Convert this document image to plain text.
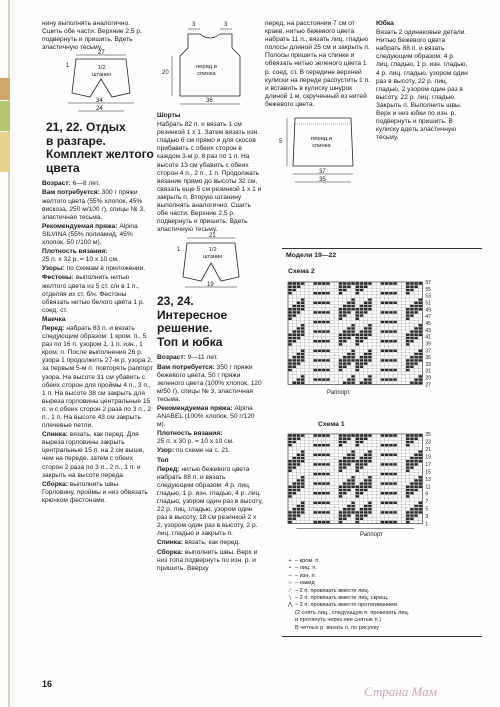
нину выполнять аналогично.
Сшить обе части. Верхние 2,5 р. подвернуть и пришить. Вдеть эластичную тесьму.

27
1	1/2
штанин
34
24
21, 22. Отдых
в разгаре.
Комплект желтого
цвета

Возраст: 6—8 лет.

Вам потребуется: 300 г пряжи желтого цвета (55% хлопок, 45% вискоза, 250 м/100 г), спицы № 3, эластичная тесьма.

Рекомендуемая пряжа: Alpina SILVINA (55% полиамид, 45% хлопок, 50 г/100 м).

Плотность вязания:
25 п. х 32 р. = 10 х 10 см.

Узоры: по схемам в приложении.

Фестоны: выполнить нитью желтого цвета из 5 ст. с/н в 1 п., отделяя их ст. б/н. Фестоны обвязать нитью белого цвета 1 р. соед. ст.

Маечка

Перед: набрать 83 п. и вязать следующим образом: 1 кром. п., 5 раз по 16 п. узором 1, 1 п. изн., 1 кром. п. После выполнения 26 р. узора 1 продолжить 27-м р. узора 2, за первым 5-м п. повторять раппорт узора. На высоте 31 см убавить с обеих сторон для проймы 4 п., 3 п., 1 п. На высоте 38 см закрыть для выреза горловины центральные 15 п. и с обеих сторон 2 раза по 3 п., 2 п., 1 п. На высоте 43 см закрыть плечевые петли.

Спинка: вязать, как перед. Для выреза горловины закрыть центральные 15 п. на 2 см выше, чем на переде, затем с обеих сторон 2 раза по 3 п., 2 п., 1 п. и закрыть на высоте переда.

Сборка: выполнить швы. Горловину, проймы и низ обвязать крючком фестонами.

20
3	3
перед и
спинка
36

Шорты

Набрать 82 п. и вязать 1 см резинкой 1 х 1. Затем вязать изн. гладью 6 см прямо и для скосов прибавить с обеих сторон в каждом 3-м р. 8 раз по 1 п. На высоте 13 см убавить с обеих сторон 4 п., 2 п., 1 п. Продолжать вязание прямо до высоты 32 см, связать еще 5 см резинкой 1 х 1 и закрыть п. Вторую штанину выполнять аналогично. Сшить обе части. Верхние 2,5 р. подвернуть и пришить. Вдеть эластичную тесьму.

21
1	1/2
штанин
19
23, 24. Интересное
решение.
Топ и юбка

Возраст: 9—11 лет.

Вам потребуется: 350 г пряжи бежевого цвета, 50 г пряжи зеленого цвета (100% хлопок, 120 м/50 г), спицы № 3, эластичная тесьма.

Рекомендуемая пряжа: Alpina ANABEL (100% хлопок, 50 г/120 м).

Плотность вязания:
25 п. х 30 р. = 10 х 10 см.

Узор: по схеме на с. 21.

Топ

Перед: нитью бежевого цвета набрать 88 п. и вязать следующим образом: 4 р. лиц. гладью, 1 р. изн. гладью, 4 р. лиц. гладью, узором один раз в высоту, 22 р. лиц. гладью, узором один раз в высоту, 18 см резинкой 2 х 2, узором один раз в высоту, 2 р. лиц. гладью и закрыть п.

Спинка: вязать, как перед.

Сборка: выполнить швы. Верх и низ топа подвернуть по изн. р. и пришить. Вверху

перед, на расстоянии 7 см от краев, нитью бежевого цвета набрать 11 п., вязать лиц. гладью полосы длиной 25 см и закрыть п. Полосы пришить на спинке и обвязать нитью зеленого цвета 1 р. соед. ст. В середине верхней кулиски на переде распустить 1 п. и вставить в кулиску шнурок длиной 1 м, скрученный из нитей бежевого цвета.

перед и
спинка
5
37
35

Юбка

Вязать 2 одинаковые детали. Нитью бежевого цвета набрать 88 п. и вязать следующим образом: 4 р. лиц. гладью, 1 р. изн. гладью, 4 р. лиц. гладью, узором один раз в высоту, 22 р. лиц. гладью, 2 узором один раз в высоту, 22 р. лиц. гладью. Закрыть п. Выполнить швы. Верх и низ юбки по изн. р. подвернуть и пришить. В кулиску вдеть эластичную тесьму.

Модели 19—22
Схема 2
57
55
53
51
49
47
45
43
41
39
37
35
33
31
29
27
Раппорт
Схема 1
25
23
21
19
17
15
13
11
9
7
5
3
1
Раппорт
+ – кром. п.
• – лиц. п.
– – изн. п.
○ – накид
∕ – 2 п. провязать вместе лиц.
∖ – 2 п. провязать вместе лиц. скрещ.
⋀ – 2 п. провязать вместе протягиванием
(2 снять лиц., следующую п. провязать лиц.
и протянуть через нее снятые п.)
В четных р. вязать п. по рисунку
16	Страна Мам
